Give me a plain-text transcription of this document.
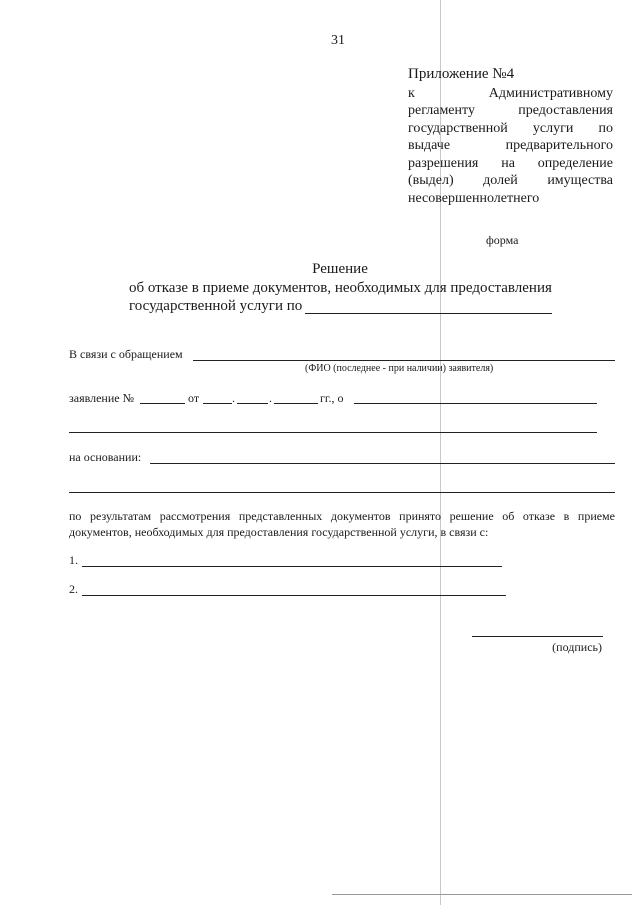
31
Приложение №4
к	Административному
регламенту	предоставления
государственной услуги по
выдаче	предварительного
разрешения на определение
(выдел) долей имущества
несовершеннолетнего
форма
Решение
об отказе в приеме документов, необходимых для предоставления
государственной услуги по
В связи с обращением
(ФИО (последнее - при наличии) заявителя)
заявление №	от	.	.	гг., о
на основании:
по результатам рассмотрения представленных документов принято решение об отказе в приеме
документов, необходимых для предоставления государственной услуги, в связи с:
1.
2.
(подпись)
